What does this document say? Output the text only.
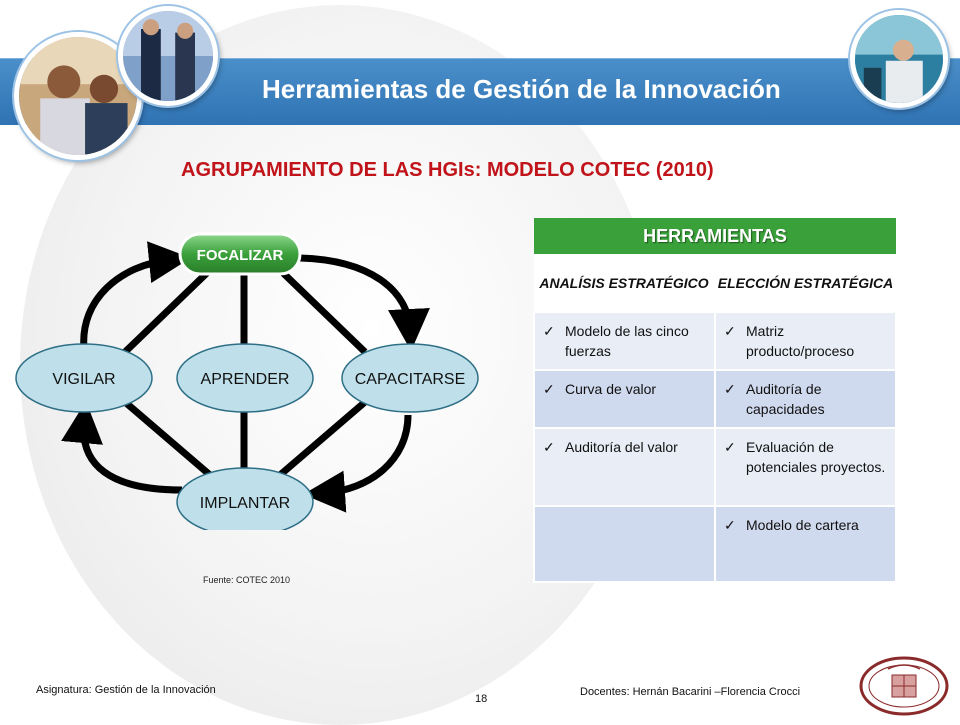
Herramientas de Gestión de la Innovación
AGRUPAMIENTO DE LAS HGIs: MODELO COTEC (2010)
FOCALIZAR
VIGILAR	APRENDER	CAPACITARSE
IMPLANTAR
Fuente: COTEC 2010
HERRAMIENTAS	
ANALÍSIS ESTRATÉGICO	ELECCIÓN ESTRATÉGICA

✓ Modelo de las cinco fuerzas	✓ Matriz producto/proceso

✓ Curva de valor	✓ Auditoría de capacidades

✓ Auditoría del valor	✓ Evaluación de potenciales proyectos.

	✓ Modelo de cartera
Asignatura: Gestión de la Innovación
18
Docentes: Hernán Bacarini –Florencia Crocci
